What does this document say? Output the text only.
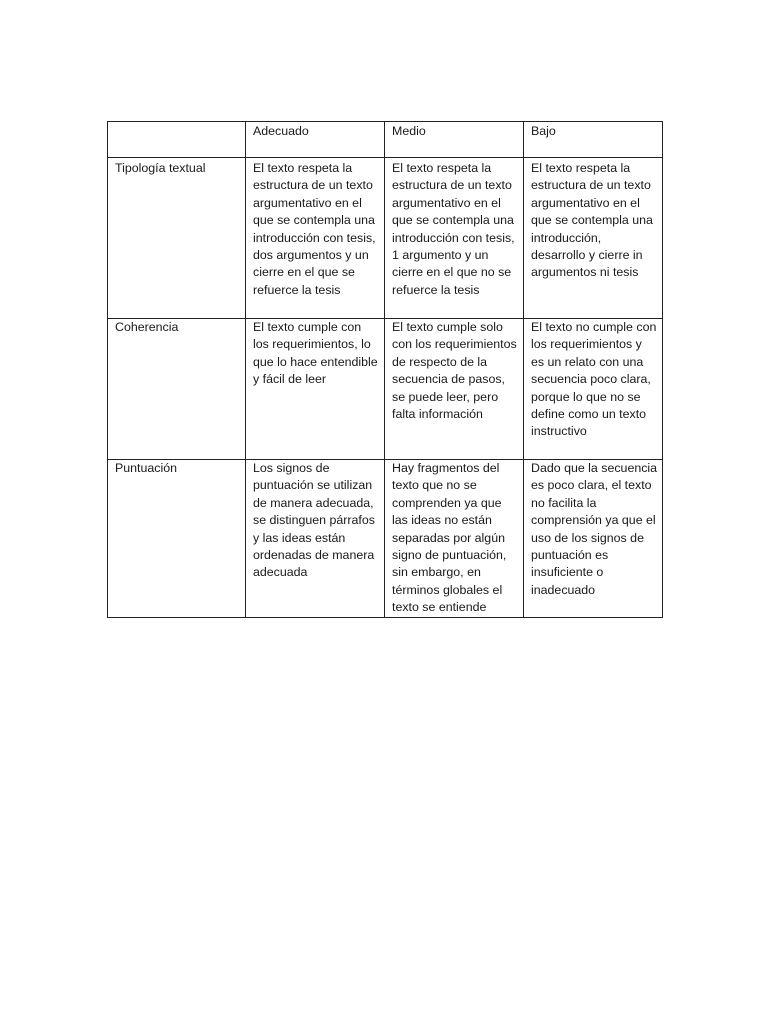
	Adecuado	Medio	Bajo
Tipología textual	El texto respeta la estructura de un texto argumentativo en el que se contempla una introducción con tesis, dos argumentos y un cierre en el que se refuerce la tesis	El texto respeta la estructura de un texto argumentativo en el que se contempla una introducción con tesis, 1 argumento y un cierre en el que no se refuerce la tesis	El texto respeta la estructura de un texto argumentativo en el que se contempla una introducción, desarrollo y cierre in argumentos ni tesis
Coherencia	El texto cumple con los requerimientos, lo que lo hace entendible y fácil de leer	El texto cumple solo con los requerimientos de respecto de la secuencia de pasos, se puede leer, pero falta información	El texto no cumple con los requerimientos y es un relato con una secuencia poco clara, porque lo que no se define como un texto instructivo
Puntuación	Los signos de puntuación se utilizan de manera adecuada, se distinguen párrafos y las ideas están ordenadas de manera adecuada	Hay fragmentos del texto que no se comprenden ya que las ideas no están separadas por algún signo de puntuación, sin embargo, en términos globales el texto se entiende	Dado que la secuencia es poco clara, el texto no facilita la comprensión ya que el uso de los signos de puntuación es insuficiente o inadecuado
